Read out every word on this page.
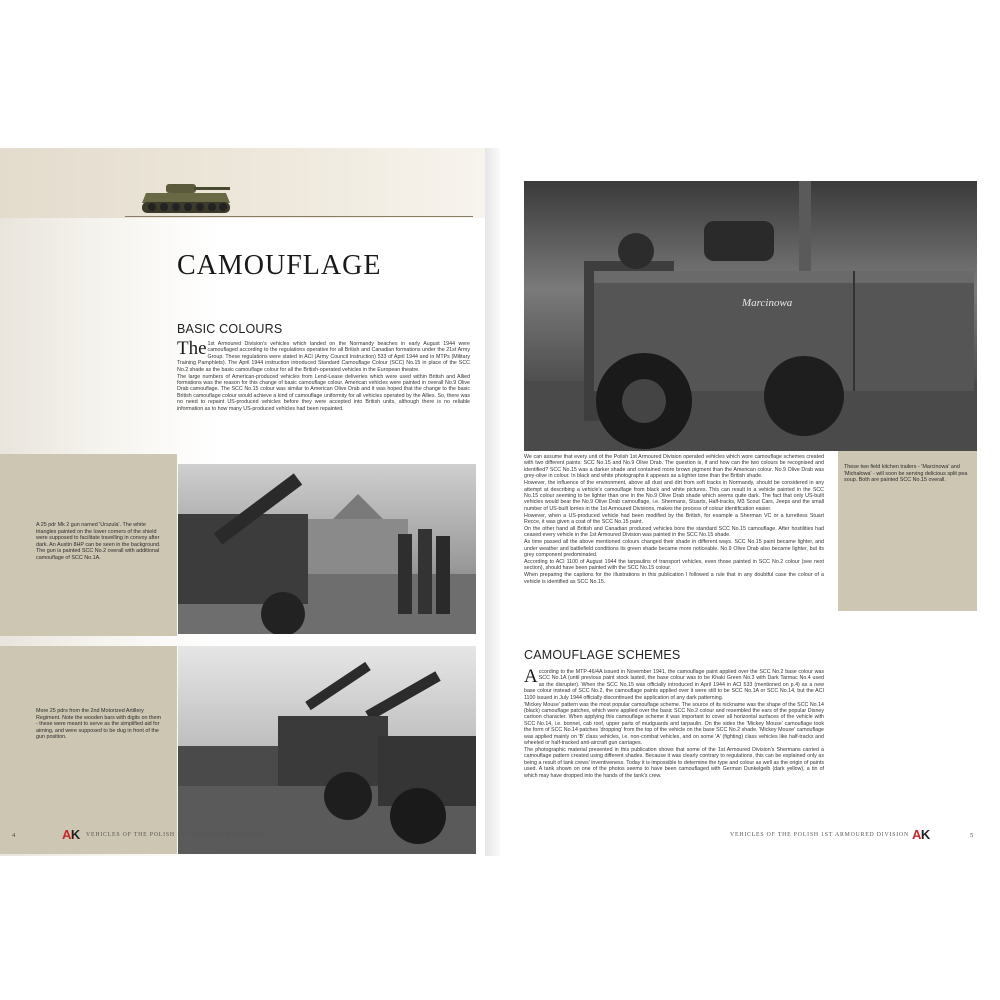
CAMOUFLAGE
BASIC COLOURS

The 1st Armoured Division's vehicles which landed on the Normandy beaches in early August 1944 were camouflaged according to the regulations operative for all British and Canadian formations under the 21st Army Group. These regulations were stated in ACI (Army Council Instruction) 533 of April 1944 and in MTPs (Military Training Pamphlets). The April 1944 instruction introduced Standard Camouflage Colour (SCC) No.15 in place of the SCC No.2 shade as the basic camouflage colour for all the British-operated vehicles in the European theatre.

The large numbers of American-produced vehicles from Lend-Lease deliveries which were used within British and Allied formations was the reason for this change of basic camouflage colour. American vehicles were painted in overall No.9 Olive Drab camouflage. The SCC No.15 colour was similar to American Olive Drab and it was hoped that the change to the basic British camouflage colour would achieve a kind of camouflage uniformity for all vehicles operated by the Allies. So, there was no need to repaint US-produced vehicles before they were accepted into British units, although there is no reliable information as to how many US-produced vehicles had been repainted.

A 25 pdr Mk 2 gun named 'Urszula'. The white triangles painted on the lower corners of the shield were supposed to facilitate travelling in convoy after dark. An Austin 8HP can be seen in the background. The gun is painted SCC No.2 overall with additional camouflage of SCC No.1A.
More 25 pdrs from the 2nd Motorized Artillery Regiment. Note the wooden bars with digits on them - these were meant to serve as the simplified aid for aiming, and were supposed to be dug in front of the gun position.
4	AK VEHICLES OF THE POLISH 1ST ARMOURED DIVISION
Marcinowa
These two field kitchen trailers - 'Marcinowa' and 'Michałowa' - will soon be serving delicious split pea soup. Both are painted SCC No.15 overall.

We can assume that every unit of the Polish 1st Armoured Division operated vehicles which wore camouflage schemes created with two different paints: SCC No.15 and No.9 Olive Drab. The question is, if and how can the two colours be recognised and identified? SCC No.15 was a darker shade and contained more brown pigment than the American colour. No.9 Olive Drab was grey-olive in colour. In black and white photographs it appears as a lighter tone than the British shade.

However, the influence of the environment, above all dust and dirt from soft tracks in Normandy, should be considered in any attempt at describing a vehicle's camouflage from black and white pictures. This can result in a vehicle painted in the SCC No.15 colour seeming to be lighter than one in the No.9 Olive Drab shade which seems quite dark. The fact that only US-built vehicles would bear the No.9 Olive Drab camouflage, i.e. Shermans, Stuarts, Half-tracks, M3 Scout Cars, Jeeps and the small number of US-built lorries in the 1st Armoured Divisions, makes the process of colour identification easier.

However, when a US-produced vehicle had been modified by the British, for example a Sherman VC or a turretless Stuart Recce, it was given a coat of the SCC No.15 paint.

On the other hand all British and Canadian produced vehicles bore the standard SCC No.15 camouflage. After hostilities had ceased every vehicle in the 1st Armoured Division was painted in the SCC No.15 shade.

As time passed all the above mentioned colours changed their shade in different ways. SCC No.15 paint became lighter, and under weather and battlefield conditions its green shade became more noticeable. No.9 Olive Drab also became lighter, but its grey component predominated.

According to ACI 1100 of August 1944 the tarpaulins of transport vehicles, even those painted in SCC No.2 colour (see next section), should have been painted with the SCC No.15 colour.

When preparing the captions for the illustrations in this publication I followed a rule that in any doubtful case the colour of a vehicle is identified as SCC No.15.

CAMOUFLAGE SCHEMES

According to the MTP-46/4A issued in November 1941, the camouflage paint applied over the SCC No.2 base colour was SCC No.1A (until previous paint stock lasted, the base colour was to be Khaki Green No.3 with Dark Tarmac No.4 used as the disrupter). When the SCC No.15 was officially introduced in April 1944 in ACI 533 (mentioned on p.4) as a new base colour instead of SCC No.2, the camouflage paints applied over it were still to be SCC No.1A or SCC No.14, but the ACI 1100 issued in July 1944 officially discontinued the application of any dark patterning.

'Mickey Mouse' pattern was the most popular camouflage scheme. The source of its nickname was the shape of the SCC No.14 (black) camouflage patches, which were applied over the basic SCC No.2 colour and resembled the ears of the popular Disney cartoon character. When applying this camouflage scheme it was important to cover all horizontal surfaces of the vehicle with SCC No.14, i.e. bonnet, cab roof, upper parts of mudguards and tarpaulin. On the sides the 'Mickey Mouse' camouflage took the form of SCC No.14 patches 'dropping' from the top of the vehicle on the base SCC No.2 shade. 'Mickey Mouse' camouflage was applied mainly on 'B' class vehicles, i.e. non-combat vehicles, and on some 'A' (fighting) class vehicles like half-tracks and wheeled or half-tracked anti-aircraft gun carriages.

The photographic material presented in this publication shows that some of the 1st Armoured Division's Shermans carried a camouflage pattern created using different shades. Because it was clearly contrary to regulations, this can be explained only as being a result of tank crews' inventiveness. Today it is impossible to determine the type and colour as well as the origin of paints used. A tank shown on one of the photos seems to have been camouflaged with German Dunkelgelb (dark yellow), a tin of which may have dropped into the hands of the tank's crew.

VEHICLES OF THE POLISH 1ST ARMOURED DIVISION AK	5
